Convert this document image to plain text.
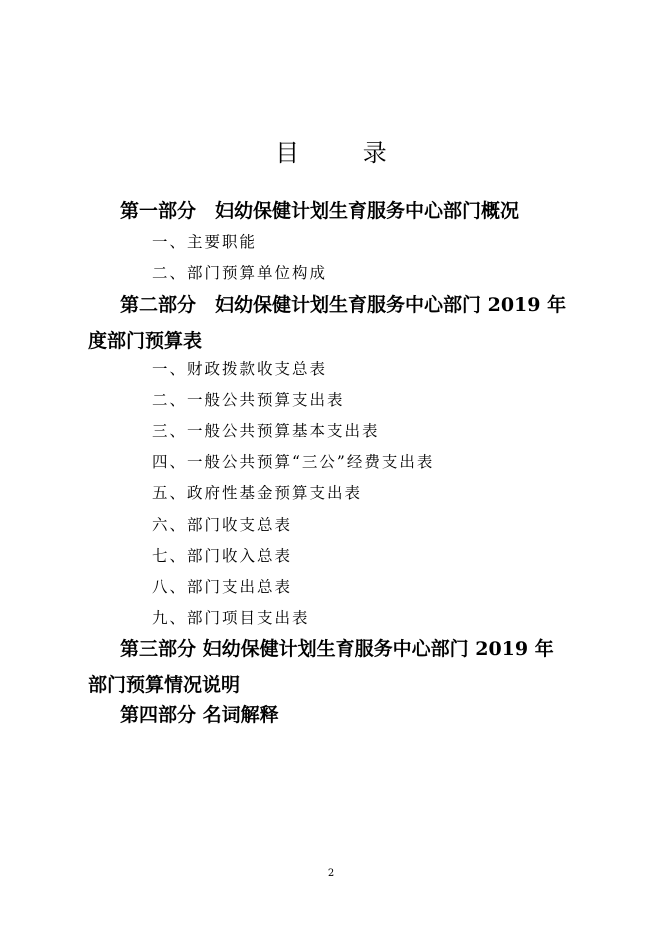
目 录
第一部分　妇幼保健计划生育服务中心部门概况
一、主要职能
二、部门预算单位构成
第二部分　妇幼保健计划生育服务中心部门 2019 年度部门预算表
一、财政拨款收支总表
二、一般公共预算支出表
三、一般公共预算基本支出表
四、一般公共预算“三公”经费支出表
五、政府性基金预算支出表
六、部门收支总表
七、部门收入总表
八、部门支出总表
九、部门项目支出表
第三部分 妇幼保健计划生育服务中心部门 2019 年部门预算情况说明
第四部分 名词解释
2
